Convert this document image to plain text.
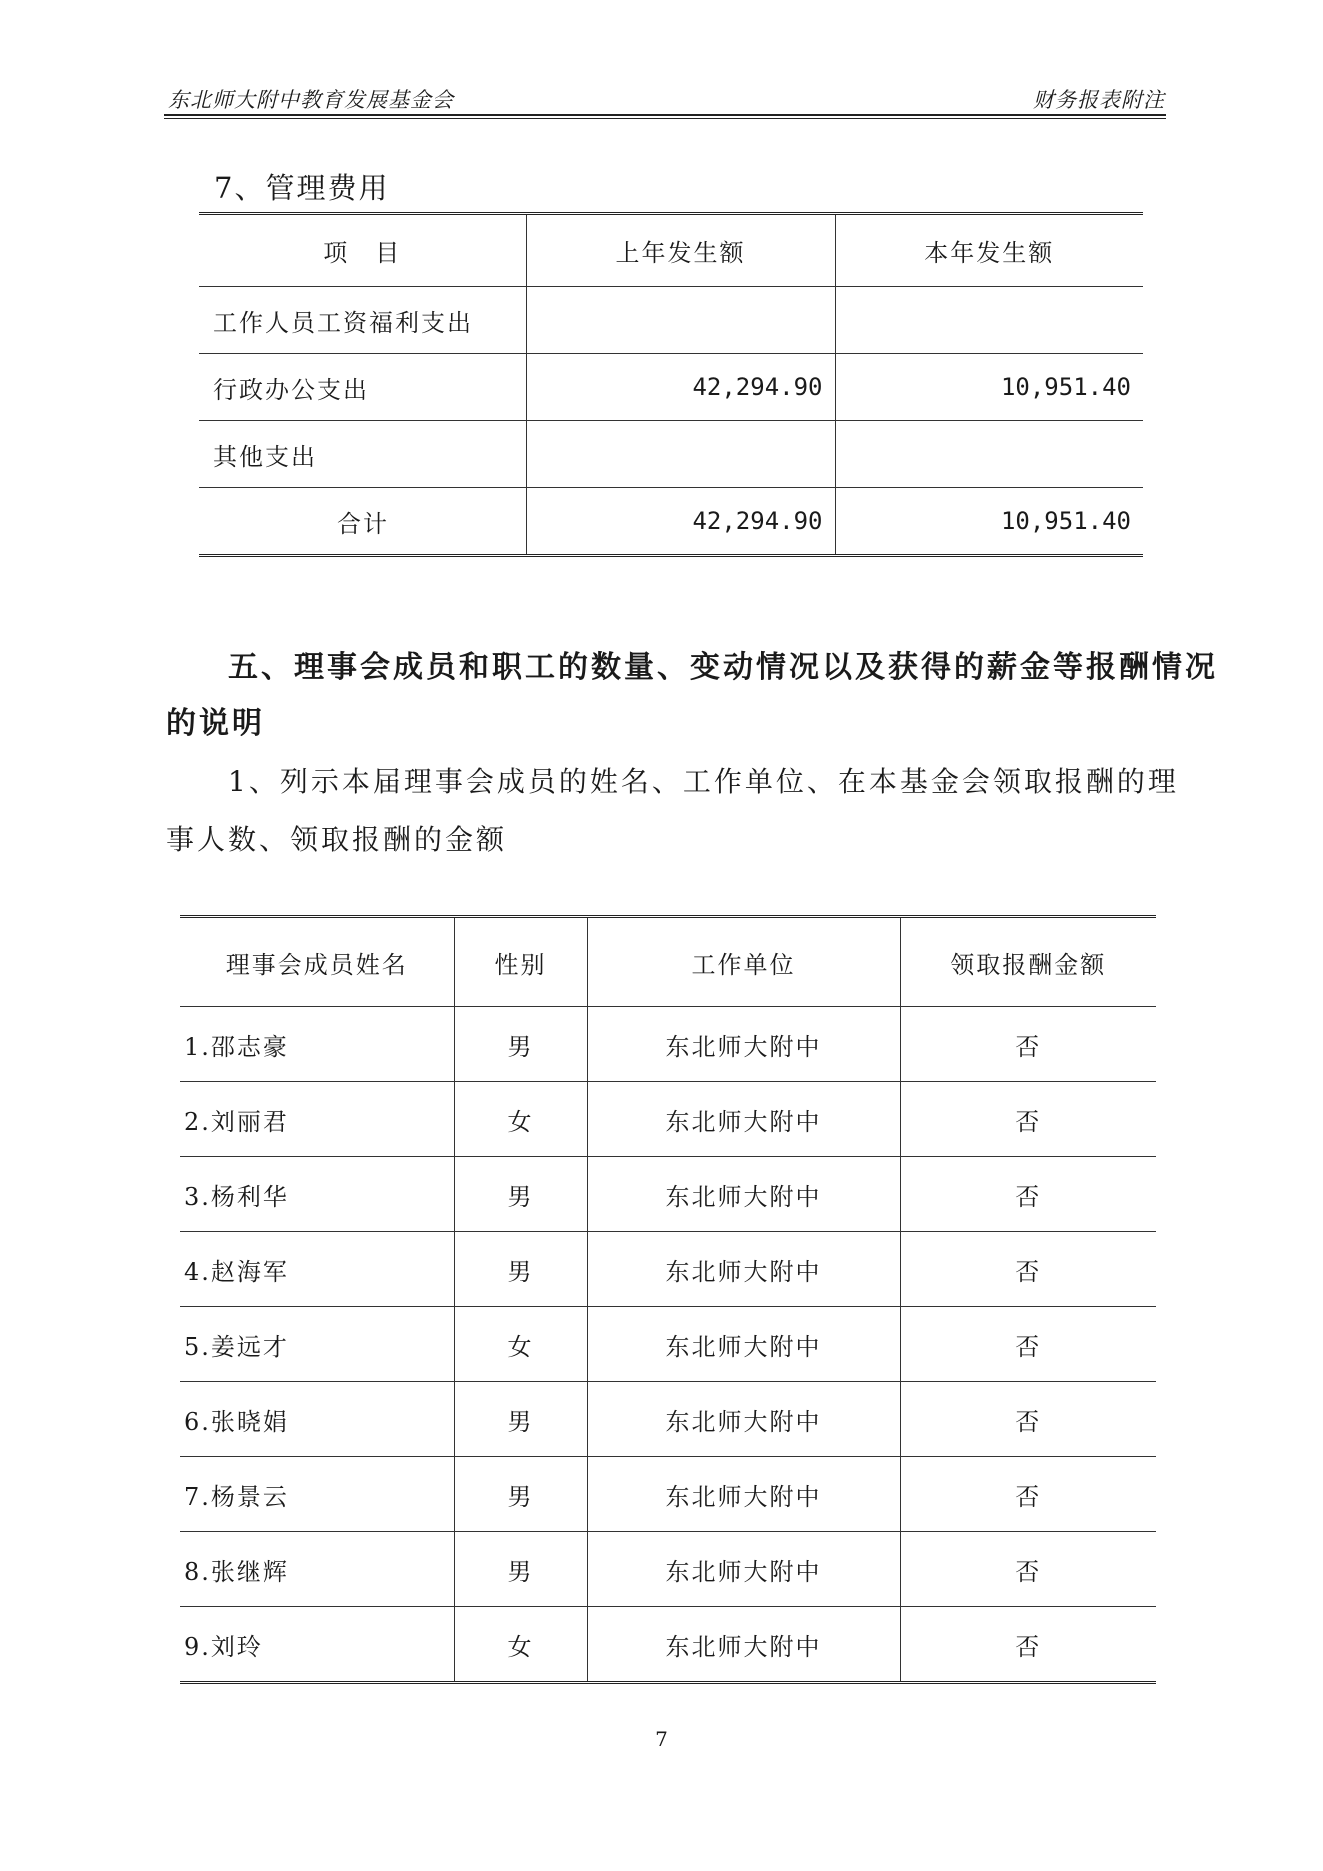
东北师大附中教育发展基金会	财务报表附注
7、管理费用
项　目	上年发生额	本年发生额
工作人员工资福利支出		
行政办公支出	42,294.90	10,951.40
其他支出		
合计	42,294.90	10,951.40
五、理事会成员和职工的数量、变动情况以及获得的薪金等报酬情况
的说明
1、列示本届理事会成员的姓名、工作单位、在本基金会领取报酬的理
事人数、领取报酬的金额
理事会成员姓名	性别	工作单位	领取报酬金额
1.邵志豪	男	东北师大附中	否
2.刘丽君	女	东北师大附中	否
3.杨利华	男	东北师大附中	否
4.赵海军	男	东北师大附中	否
5.姜远才	女	东北师大附中	否
6.张晓娟	男	东北师大附中	否
7.杨景云	男	东北师大附中	否
8.张继辉	男	东北师大附中	否
9.刘玲	女	东北师大附中	否
7
